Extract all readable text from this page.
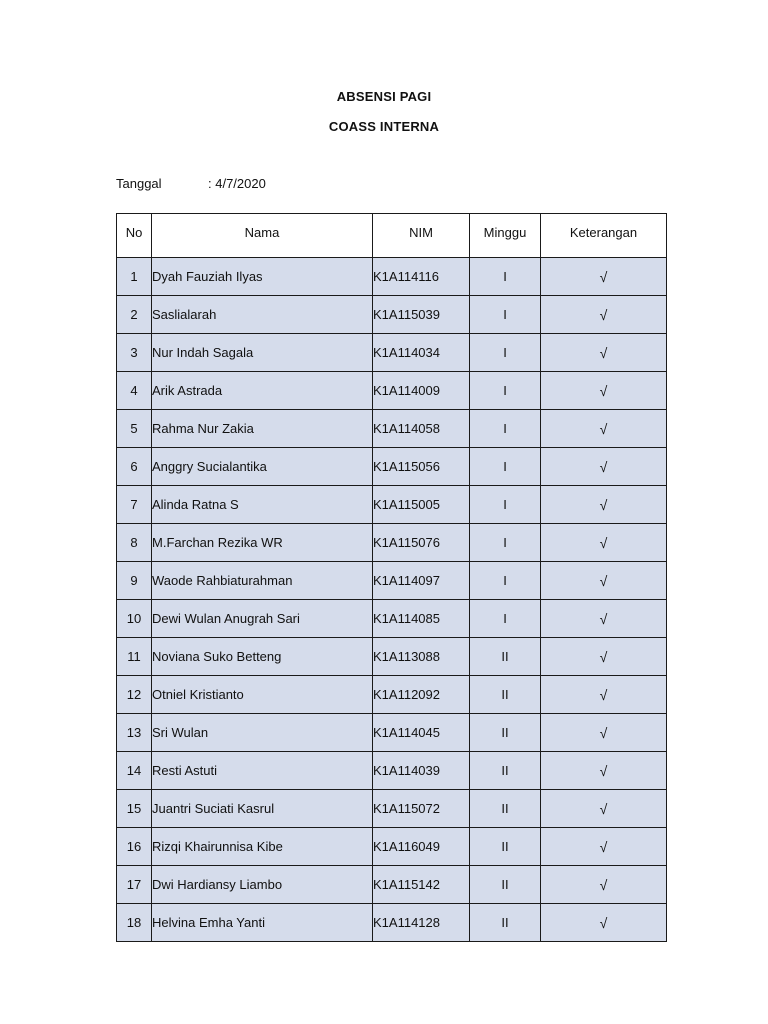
ABSENSI PAGI
COASS INTERNA
Tanggal	: 4/7/2020
No	Nama	NIM	Minggu	Keterangan
1	Dyah Fauziah Ilyas	K1A114116	I	√
2	Saslialarah	K1A115039	I	√
3	Nur Indah Sagala	K1A114034	I	√
4	Arik Astrada	K1A114009	I	√
5	Rahma Nur Zakia	K1A114058	I	√
6	Anggry Sucialantika	K1A115056	I	√
7	Alinda Ratna S	K1A115005	I	√
8	M.Farchan Rezika WR	K1A115076	I	√
9	Waode Rahbiaturahman	K1A114097	I	√
10	Dewi Wulan Anugrah Sari	K1A114085	I	√
11	Noviana Suko Betteng	K1A113088	II	√
12	Otniel Kristianto	K1A112092	II	√
13	Sri Wulan	K1A114045	II	√
14	Resti Astuti	K1A114039	II	√
15	Juantri Suciati Kasrul	K1A115072	II	√
16	Rizqi Khairunnisa Kibe	K1A116049	II	√
17	Dwi Hardiansy Liambo	K1A115142	II	√
18	Helvina Emha Yanti	K1A114128	II	√
